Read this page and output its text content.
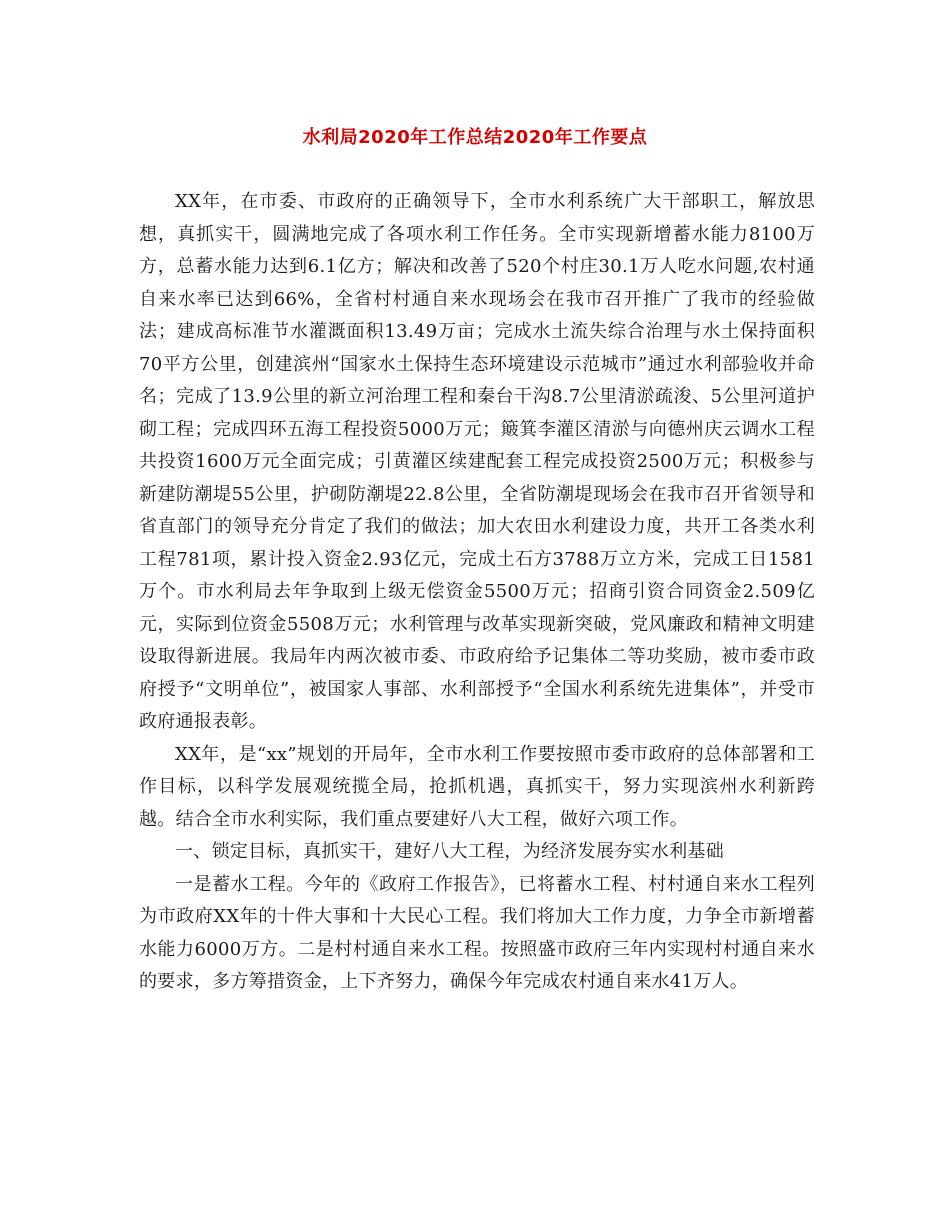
水利局2020年工作总结2020年工作要点

XX年，在市委、市政府的正确领导下，全市水利系统广大干部职工，解放思想，真抓实干，圆满地完成了各项水利工作任务。全市实现新增蓄水能力8100万方，总蓄水能力达到6.1亿方；解决和改善了520个村庄30.1万人吃水问题,农村通自来水率已达到66%，全省村村通自来水现场会在我市召开推广了我市的经验做法；建成高标准节水灌溉面积13.49万亩；完成水土流失综合治理与水土保持面积70平方公里，创建滨州“国家水土保持生态环境建设示范城市”通过水利部验收并命名；完成了13.9公里的新立河治理工程和秦台干沟8.7公里清淤疏浚、5公里河道护砌工程；完成四环五海工程投资5000万元；簸箕李灌区清淤与向德州庆云调水工程共投资1600万元全面完成；引黄灌区续建配套工程完成投资2500万元；积极参与新建防潮堤55公里，护砌防潮堤22.8公里，全省防潮堤现场会在我市召开省领导和省直部门的领导充分肯定了我们的做法；加大农田水利建设力度，共开工各类水利工程781项，累计投入资金2.93亿元，完成土石方3788万立方米，完成工日1581万个。市水利局去年争取到上级无偿资金5500万元；招商引资合同资金2.509亿元，实际到位资金5508万元；水利管理与改革实现新突破，党风廉政和精神文明建设取得新进展。我局年内两次被市委、市政府给予记集体二等功奖励，被市委市政府授予“文明单位”，被国家人事部、水利部授予“全国水利系统先进集体”，并受市政府通报表彰。

XX年，是“xx”规划的开局年，全市水利工作要按照市委市政府的总体部署和工作目标，以科学发展观统揽全局，抢抓机遇，真抓实干，努力实现滨州水利新跨越。结合全市水利实际，我们重点要建好八大工程，做好六项工作。

一、锁定目标，真抓实干，建好八大工程，为经济发展夯实水利基础

一是蓄水工程。今年的《政府工作报告》，已将蓄水工程、村村通自来水工程列为市政府XX年的十件大事和十大民心工程。我们将加大工作力度，力争全市新增蓄水能力6000万方。二是村村通自来水工程。按照盛市政府三年内实现村村通自来水的要求，多方筹措资金，上下齐努力，确保今年完成农村通自来水41万人。
